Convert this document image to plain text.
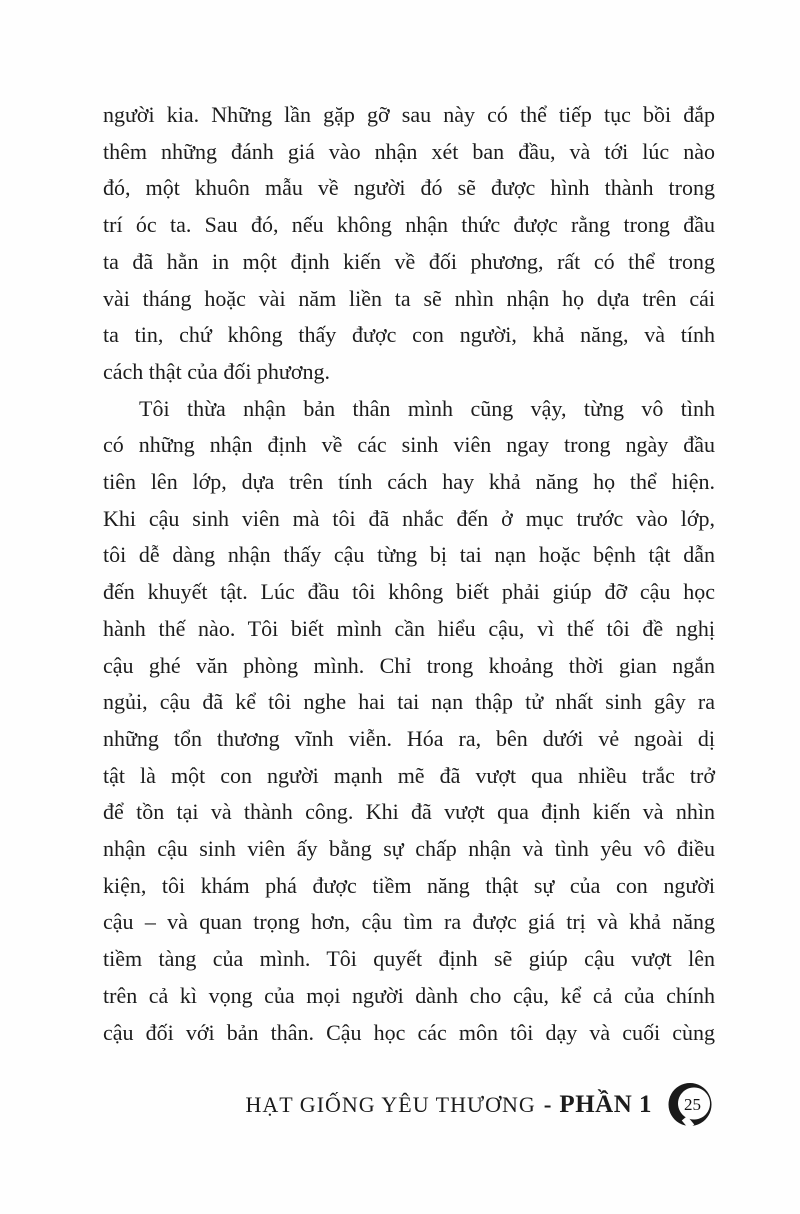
người kia. Những lần gặp gỡ sau này có thể tiếp tục bồi đắp
thêm những đánh giá vào nhận xét ban đầu, và tới lúc nào
đó, một khuôn mẫu về người đó sẽ được hình thành trong
trí óc ta. Sau đó, nếu không nhận thức được rằng trong đầu
ta đã hằn in một định kiến về đối phương, rất có thể trong
vài tháng hoặc vài năm liền ta sẽ nhìn nhận họ dựa trên cái
ta tin, chứ không thấy được con người, khả năng, và tính
cách thật của đối phương.
Tôi thừa nhận bản thân mình cũng vậy, từng vô tình
có những nhận định về các sinh viên ngay trong ngày đầu
tiên lên lớp, dựa trên tính cách hay khả năng họ thể hiện.
Khi cậu sinh viên mà tôi đã nhắc đến ở mục trước vào lớp,
tôi dễ dàng nhận thấy cậu từng bị tai nạn hoặc bệnh tật dẫn
đến khuyết tật. Lúc đầu tôi không biết phải giúp đỡ cậu học
hành thế nào. Tôi biết mình cần hiểu cậu, vì thế tôi đề nghị
cậu ghé văn phòng mình. Chỉ trong khoảng thời gian ngắn
ngủi, cậu đã kể tôi nghe hai tai nạn thập tử nhất sinh gây ra
những tổn thương vĩnh viễn. Hóa ra, bên dưới vẻ ngoài dị
tật là một con người mạnh mẽ đã vượt qua nhiều trắc trở
để tồn tại và thành công. Khi đã vượt qua định kiến và nhìn
nhận cậu sinh viên ấy bằng sự chấp nhận và tình yêu vô điều
kiện, tôi khám phá được tiềm năng thật sự của con người
cậu – và quan trọng hơn, cậu tìm ra được giá trị và khả năng
tiềm tàng của mình. Tôi quyết định sẽ giúp cậu vượt lên
trên cả kì vọng của mọi người dành cho cậu, kể cả của chính
cậu đối với bản thân. Cậu học các môn tôi dạy và cuối cùng
HẠT GIỐNG YÊU THƯƠNG - PHẦN 1	25
